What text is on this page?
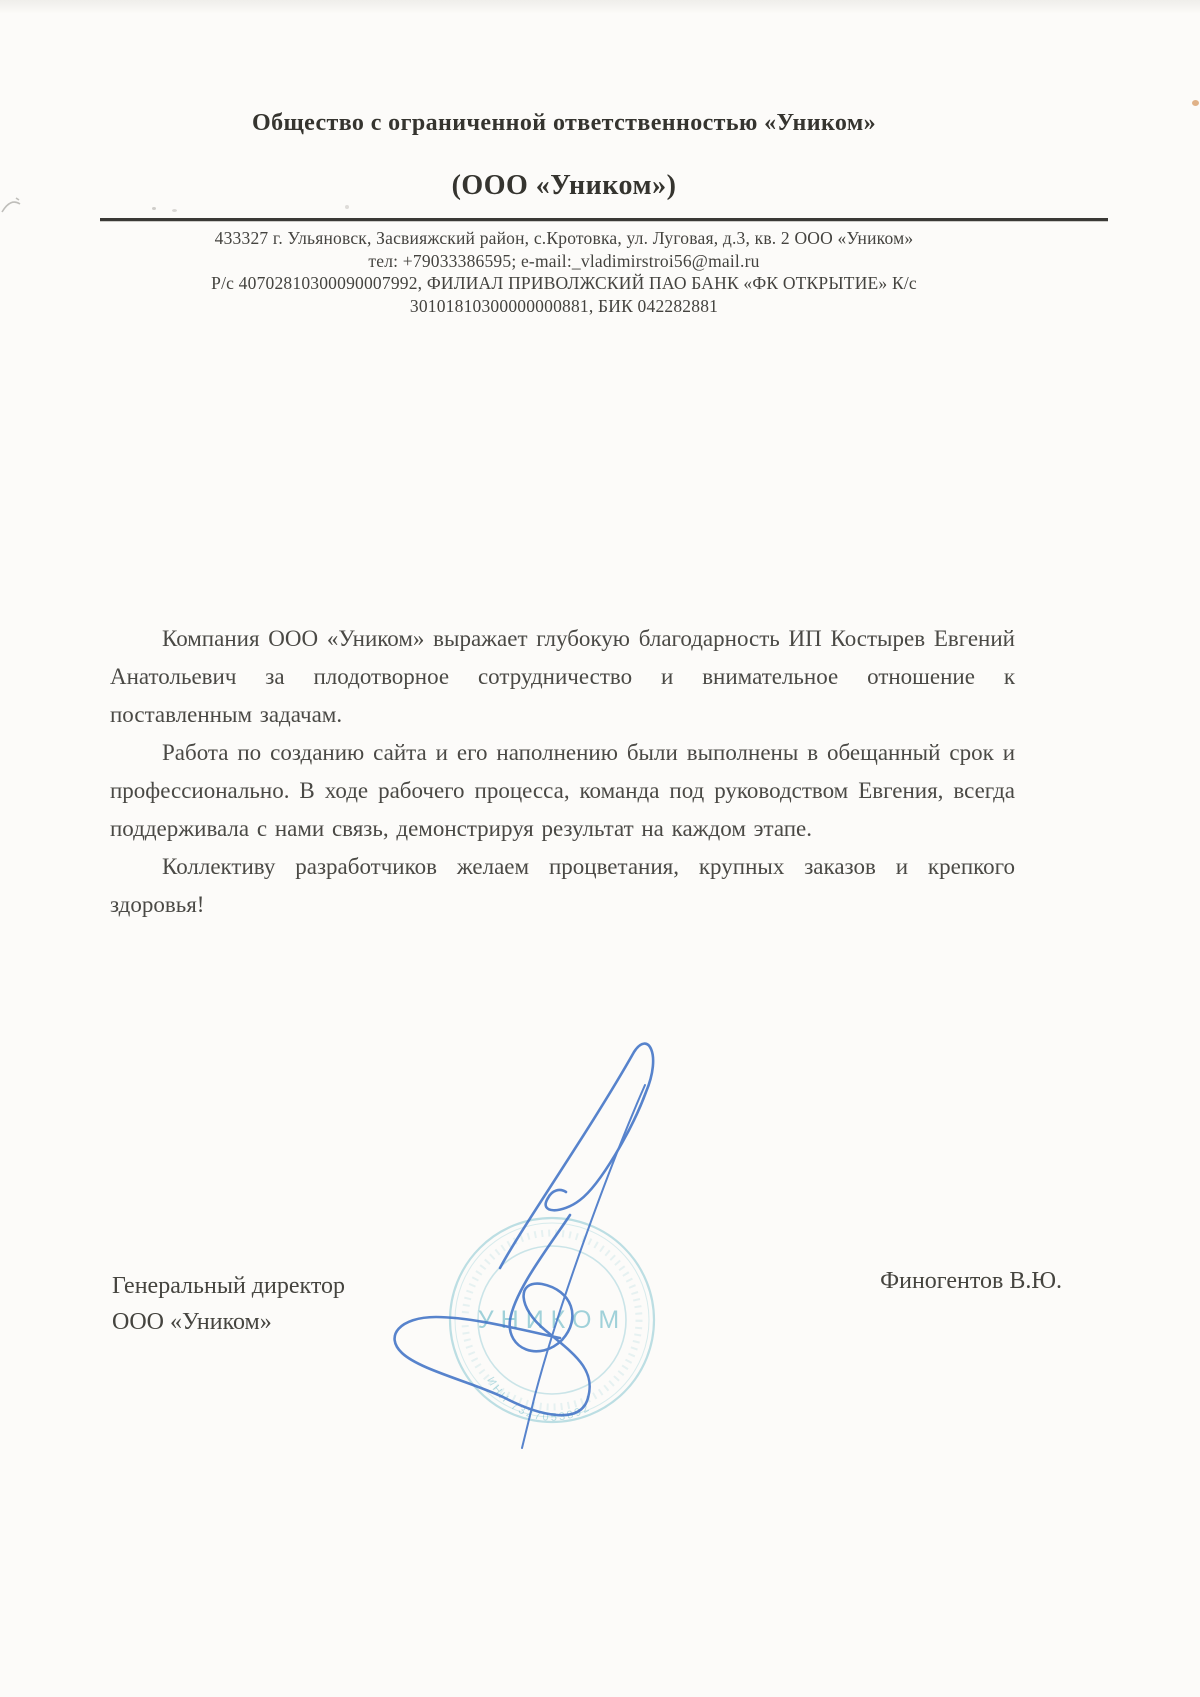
Общество с ограниченной ответственностью «Уником»
(ООО «Уником»)
433327 г. Ульяновск, Засвияжский район, с.Кротовка, ул. Луговая, д.3, кв. 2 ООО «Уником»
тел: +79033386595; e-mail:_vladimirstroi56@mail.ru
Р/с 40702810300090007992, ФИЛИАЛ ПРИВОЛЖСКИЙ ПАО БАНК «ФК ОТКРЫТИЕ» К/с
30101810300000000881, БИК 042282881

Компания ООО «Уником» выражает глубокую благодарность ИП Костырев Евгений Анатольевич за плодотворное сотрудничество и внимательное отношение к поставленным задачам.

Работа по созданию сайта и его наполнению были выполнены в обещанный срок и профессионально. В ходе рабочего процесса, команда под руководством Евгения, всегда поддерживала с нами связь, демонстрируя результат на каждом этапе.

Коллективу разработчиков желаем процветания, крупных заказов и крепкого здоровья!

УНИКОМ
ИНН 7327053892
Генеральный директор
ООО «Уником»
Финогентов В.Ю.
